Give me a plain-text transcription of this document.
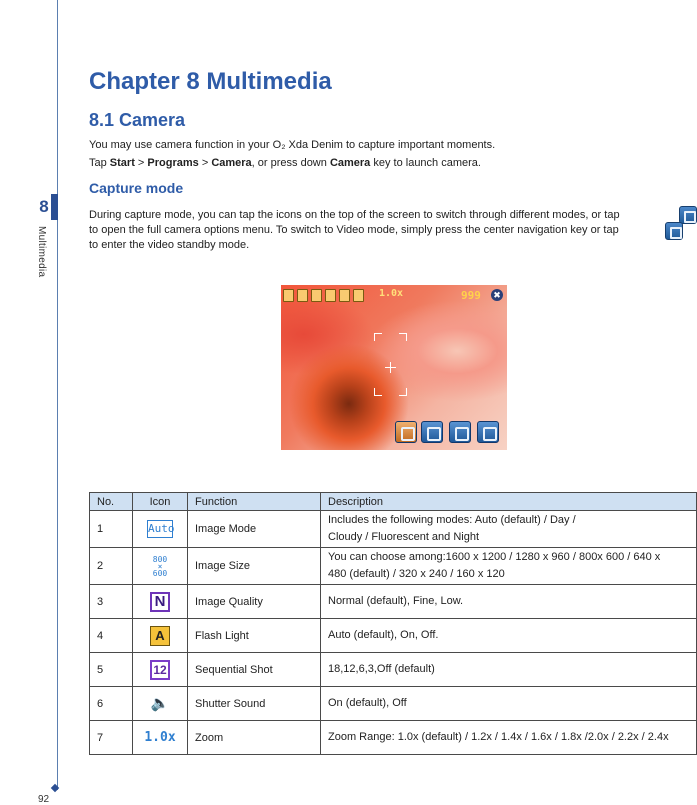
8
Multimedia
92
Chapter 8 Multimedia
8.1 Camera
You may use camera function in your O₂ Xda Denim to capture important moments.
Tap Start > Programs > Camera, or press down Camera key to launch camera.
Capture mode
During capture mode, you can tap the icons on the top of the screen to switch through different modes, or tap
to open the full camera options menu. To switch to Video mode, simply press the center navigation key or tap
to enter the video standby mode.
1.0x	999 ✖
No.	Icon	Function	Description
1	Auto	Image Mode	Includes the following modes: Auto (default) / Day /
Cloudy / Fluorescent and Night
2	800
×
600	Image Size	You can choose among:1600 x 1200 / 1280 x 960 / 800x 600 / 640 x
480 (default) / 320 x 240 / 160 x 120
3	N	Image Quality	Normal (default), Fine, Low.
4	A	Flash Light	Auto (default), On, Off.
5	12	Sequential Shot	18,12,6,3,Off (default)
6	🔈	Shutter Sound	On (default), Off
7	1.0x	Zoom	Zoom Range: 1.0x (default) / 1.2x / 1.4x / 1.6x / 1.8x /2.0x / 2.2x / 2.4x
